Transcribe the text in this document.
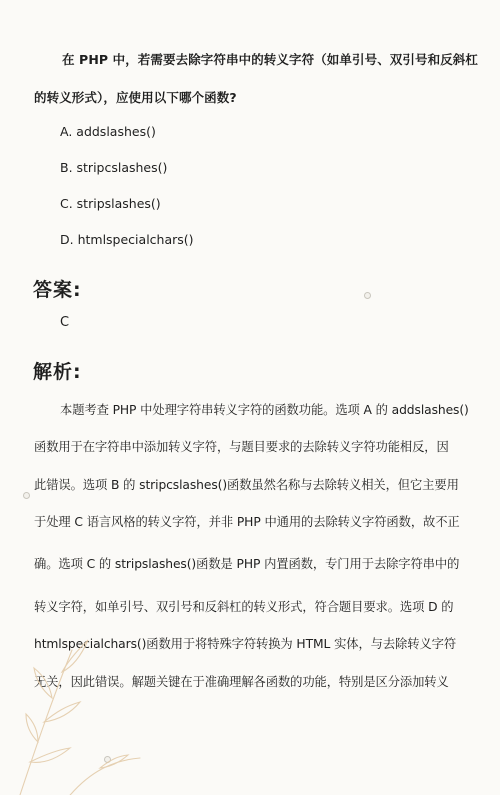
在 PHP 中，若需要去除字符串中的转义字符（如单引号、双引号和反斜杠
的转义形式），应使用以下哪个函数?
A. addslashes()
B. stripcslashes()
C. stripslashes()
D. htmlspecialchars()
答案:
C
解析:
本题考查 PHP 中处理字符串转义字符的函数功能。选项 A 的 addslashes()
函数用于在字符串中添加转义字符，与题目要求的去除转义字符功能相反，因
此错误。选项 B 的 stripcslashes()函数虽然名称与去除转义相关，但它主要用
于处理 C 语言风格的转义字符，并非 PHP 中通用的去除转义字符函数，故不正
确。选项 C 的 stripslashes()函数是 PHP 内置函数，专门用于去除字符串中的
转义字符，如单引号、双引号和反斜杠的转义形式，符合题目要求。选项 D 的
htmlspecialchars()函数用于将特殊字符转换为 HTML 实体，与去除转义字符
无关，因此错误。解题关键在于准确理解各函数的功能，特别是区分添加转义
